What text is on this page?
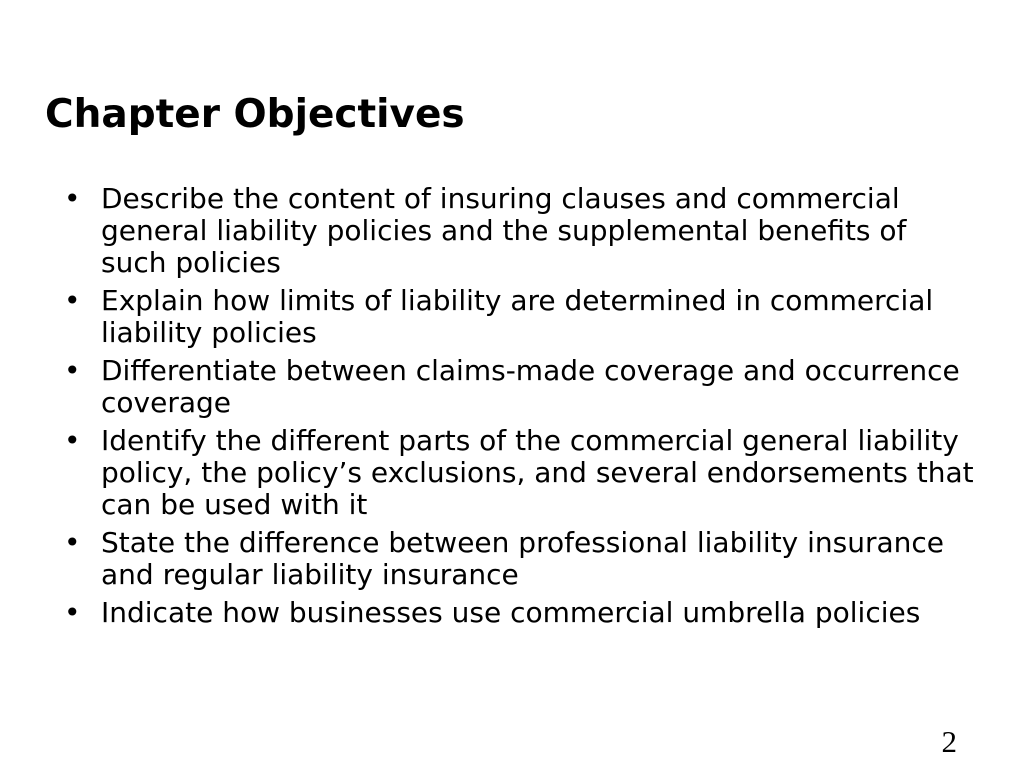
Chapter Objectives
• Describe the content of insuring clauses and commercial general liability policies and the supplemental benefits of such policies
• Explain how limits of liability are determined in commercial liability policies
• Differentiate between claims-made coverage and occurrence coverage
• Identify the different parts of the commercial general liability policy, the policy’s exclusions, and several endorsements that can be used with it
• State the difference between professional liability insurance and regular liability insurance
• Indicate how businesses use commercial umbrella policies
2
